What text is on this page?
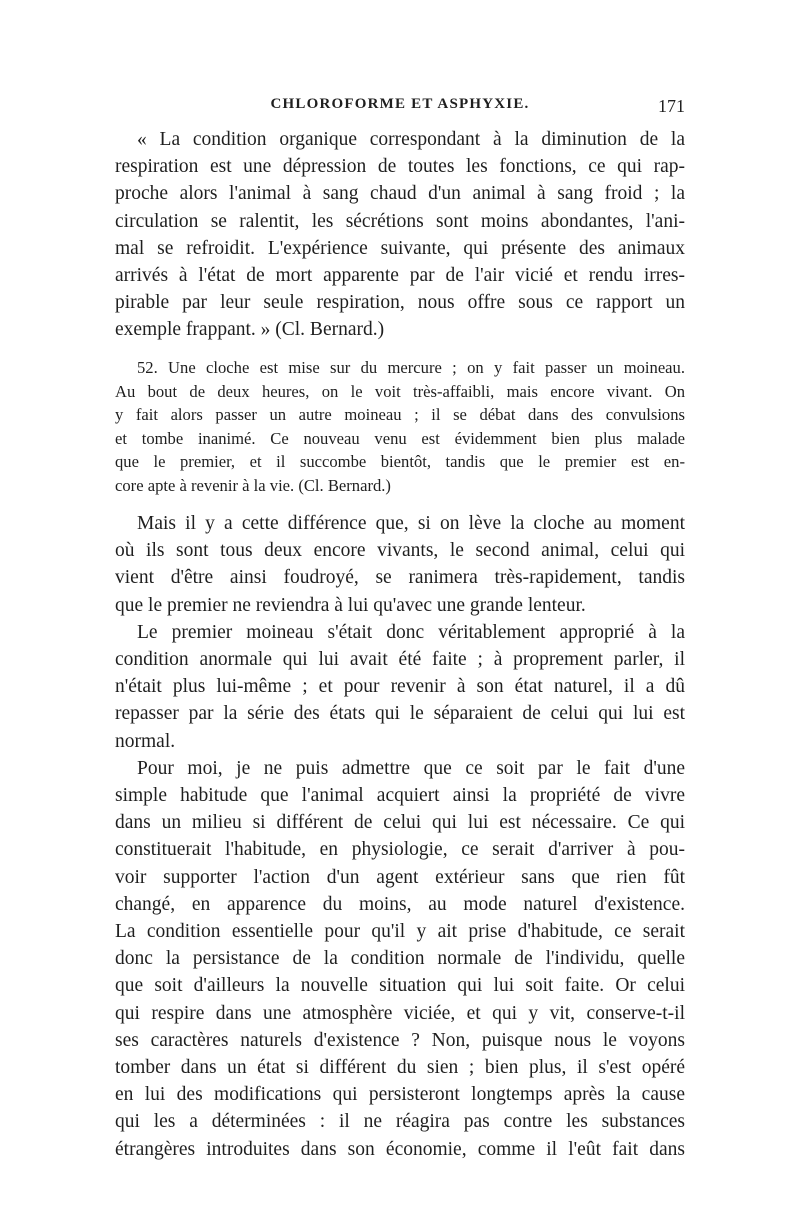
CHLOROFORME ET ASPHYXIE.	171
« La condition organique correspondant à la diminution de la
respiration est une dépression de toutes les fonctions, ce qui rap-
proche alors l'animal à sang chaud d'un animal à sang froid ; la
circulation se ralentit, les sécrétions sont moins abondantes, l'ani-
mal se refroidit. L'expérience suivante, qui présente des animaux
arrivés à l'état de mort apparente par de l'air vicié et rendu irres-
pirable par leur seule respiration, nous offre sous ce rapport un
exemple frappant. » (Cl. Bernard.)
52. Une cloche est mise sur du mercure ; on y fait passer un moineau.
Au bout de deux heures, on le voit très-affaibli, mais encore vivant. On
y fait alors passer un autre moineau ; il se débat dans des convulsions
et tombe inanimé. Ce nouveau venu est évidemment bien plus malade
que le premier, et il succombe bientôt, tandis que le premier est en-
core apte à revenir à la vie. (Cl. Bernard.)
Mais il y a cette différence que, si on lève la cloche au moment
où ils sont tous deux encore vivants, le second animal, celui qui
vient d'être ainsi foudroyé, se ranimera très-rapidement, tandis
que le premier ne reviendra à lui qu'avec une grande lenteur.
Le premier moineau s'était donc véritablement approprié à la
condition anormale qui lui avait été faite ; à proprement parler, il
n'était plus lui-même ; et pour revenir à son état naturel, il a dû
repasser par la série des états qui le séparaient de celui qui lui est
normal.
Pour moi, je ne puis admettre que ce soit par le fait d'une
simple habitude que l'animal acquiert ainsi la propriété de vivre
dans un milieu si différent de celui qui lui est nécessaire. Ce qui
constituerait l'habitude, en physiologie, ce serait d'arriver à pou-
voir supporter l'action d'un agent extérieur sans que rien fût
changé, en apparence du moins, au mode naturel d'existence.
La condition essentielle pour qu'il y ait prise d'habitude, ce serait
donc la persistance de la condition normale de l'individu, quelle
que soit d'ailleurs la nouvelle situation qui lui soit faite. Or celui
qui respire dans une atmosphère viciée, et qui y vit, conserve-t-il
ses caractères naturels d'existence ? Non, puisque nous le voyons
tomber dans un état si différent du sien ; bien plus, il s'est opéré
en lui des modifications qui persisteront longtemps après la cause
qui les a déterminées : il ne réagira pas contre les substances
étrangères introduites dans son économie, comme il l'eût fait dans
